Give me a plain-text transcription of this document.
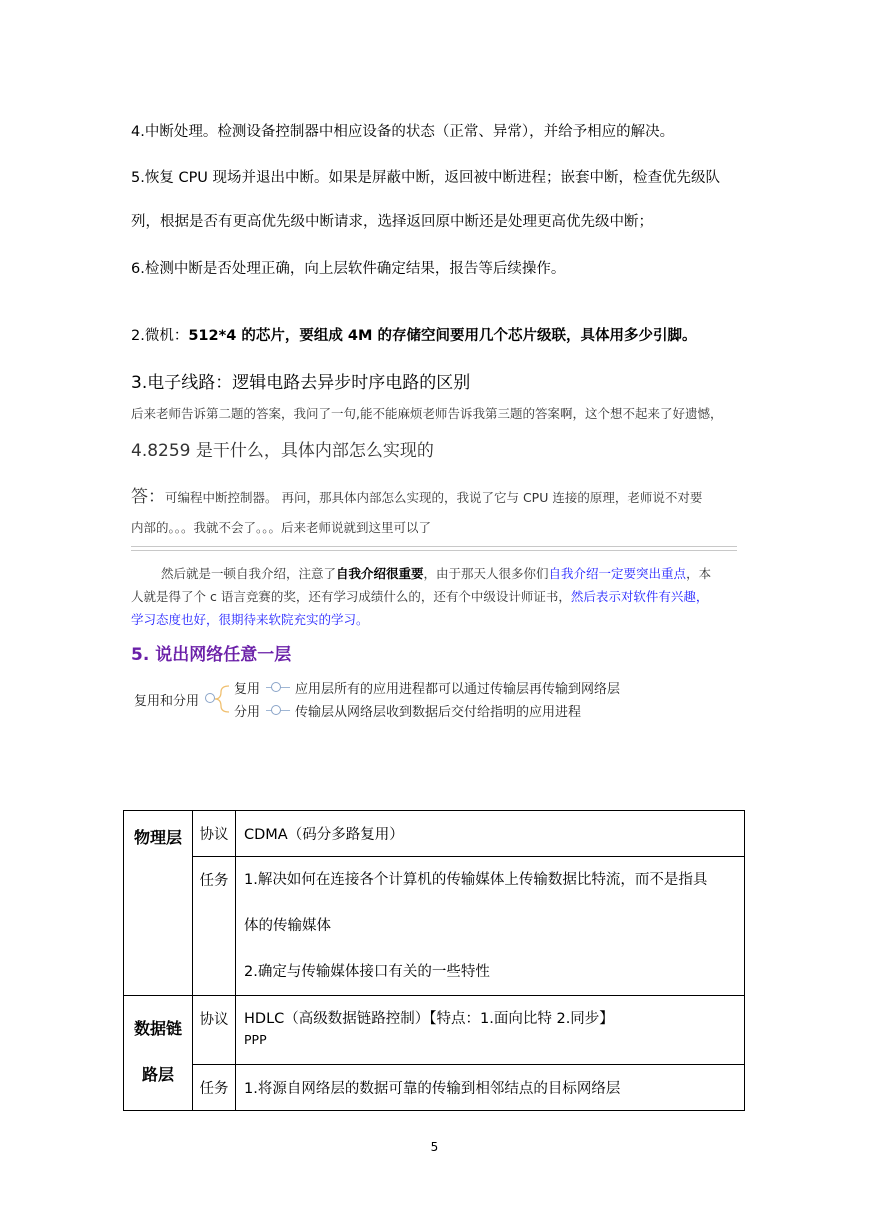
4.中断处理。检测设备控制器中相应设备的状态（正常、异常），并给予相应的解决。
5.恢复 CPU 现场并退出中断。如果是屏蔽中断，返回被中断进程；嵌套中断，检查优先级队
列，根据是否有更高优先级中断请求，选择返回原中断还是处理更高优先级中断；
6.检测中断是否处理正确，向上层软件确定结果，报告等后续操作。
2.微机：512*4 的芯片，要组成 4M 的存储空间要用几个芯片级联，具体用多少引脚。
3.电子线路：逻辑电路去异步时序电路的区别
后来老师告诉第二题的答案，我问了一句,能不能麻烦老师告诉我第三题的答案啊，这个想不起来了好遗憾，
4.8259 是干什么，具体内部怎么实现的
答：可编程中断控制器。 再问，那具体内部怎么实现的，我说了它与 CPU 连接的原理，老师说不对要
内部的。。。我就不会了。。。后来老师说就到这里可以了
然后就是一顿自我介绍，注意了自我介绍很重要，由于那天人很多你们自我介绍一定要突出重点，本
人就是得了个 c 语言竞赛的奖，还有学习成绩什么的，还有个中级设计师证书，然后表示对软件有兴趣，
学习态度也好，很期待来软院充实的学习。
5. 说出网络任意一层
复用和分用
复用	应用层所有的应用进程都可以通过传输层再传输到网络层
分用	传输层从网络层收到数据后交付给指明的应用进程
物理层	协议	CDMA（码分多路复用）
	任务	1.解决如何在连接各个计算机的传输媒体上传输数据比特流，而不是指具
体的传输媒体
2.确定与传输媒体接口有关的一些特性

数据链
路层	协议	HDLC（高级数据链路控制）【特点：1.面向比特 2.同步】
PPP

	任务	1.将源自网络层的数据可靠的传输到相邻结点的目标网络层
5
